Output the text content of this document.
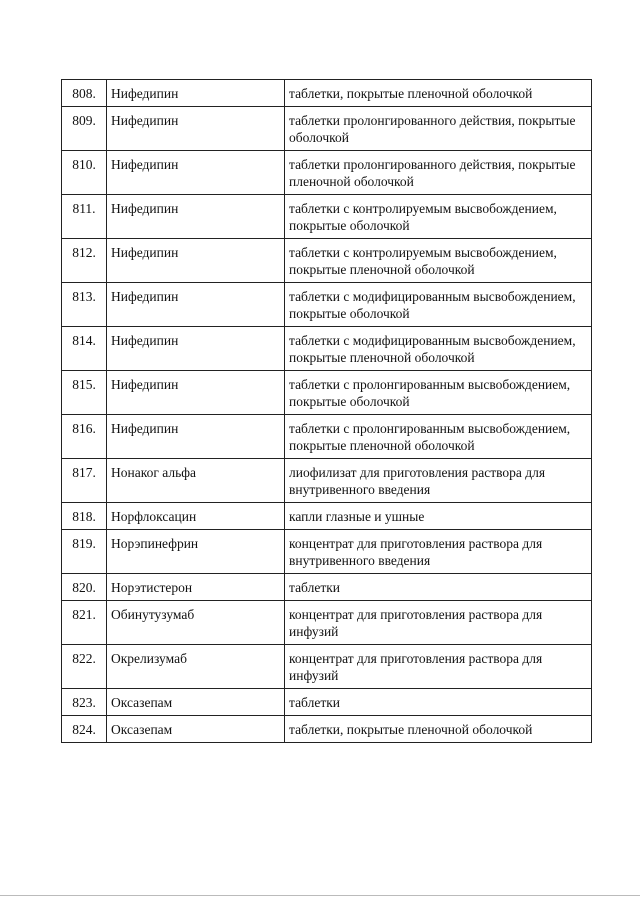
808.	Нифедипин	таблетки, покрытые пленочной оболочкой
809.	Нифедипин	таблетки пролонгированного действия, покрытые оболочкой
810.	Нифедипин	таблетки пролонгированного действия, покрытые пленочной оболочкой
811.	Нифедипин	таблетки с контролируемым высвобождением, покрытые оболочкой
812.	Нифедипин	таблетки с контролируемым высвобождением, покрытые пленочной оболочкой
813.	Нифедипин	таблетки с модифицированным высвобождением, покрытые оболочкой
814.	Нифедипин	таблетки с модифицированным высвобождением, покрытые пленочной оболочкой
815.	Нифедипин	таблетки с пролонгированным высвобождением, покрытые оболочкой
816.	Нифедипин	таблетки с пролонгированным высвобождением, покрытые пленочной оболочкой
817.	Нонаког альфа	лиофилизат для приготовления раствора для внутривенного введения
818.	Норфлоксацин	капли глазные и ушные
819.	Норэпинефрин	концентрат для приготовления раствора для внутривенного введения
820.	Норэтистерон	таблетки
821.	Обинутузумаб	концентрат для приготовления раствора для инфузий
822.	Окрелизумаб	концентрат для приготовления раствора для инфузий
823.	Оксазепам	таблетки
824.	Оксазепам	таблетки, покрытые пленочной оболочкой
